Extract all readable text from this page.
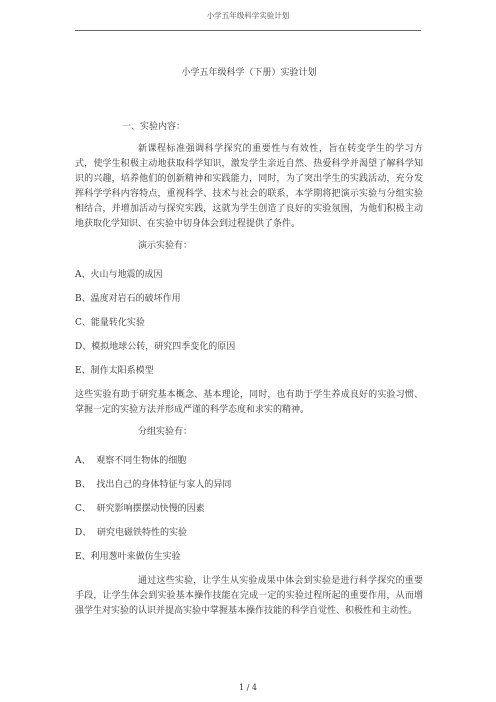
小学五年级科学实验计划
小学五年级科学（下册）实验计划
一、实验内容：
新课程标准强调科学探究的重要性与有效性，旨在转变学生的学习方式，使学生积极主动地获取科学知识，激发学生亲近自然、热爱科学并渴望了解科学知识的兴趣，培养他们的创新精神和实践能力，同时，为了突出学生的实践活动，充分发挥科学学科内容特点，重视科学、技术与社会的联系，本学期将把演示实验与分组实验相结合，并增加活动与探究实践，这就为学生创造了良好的实验氛围，为他们积极主动地获取化学知识、在实验中切身体会到过程提供了条件。
演示实验有：
A、火山与地震的成因
B、温度对岩石的破坏作用
C、能量转化实验
D、模拟地球公转，研究四季变化的原因
E、制作太阳系模型
这些实验有助于研究基本概念、基本理论，同时，也有助于学生养成良好的实验习惯、掌握一定的实验方法并形成严谨的科学态度和求实的精神。
分组实验有：
A、  观察不同生物体的细胞
B、  找出自己的身体特征与家人的异同
C、  研究影响摆摆动快慢的因素
D、  研究电磁铁特性的实验
E、利用葱叶来做仿生实验
通过这些实验，让学生从实验成果中体会到实验是进行科学探究的重要手段，让学生体会到实验基本操作技能在完成一定的实验过程所起的重要作用，从而增强学生对实验的认识并提高实验中掌握基本操作技能的科学自觉性、积极性和主动性。
1 / 4
